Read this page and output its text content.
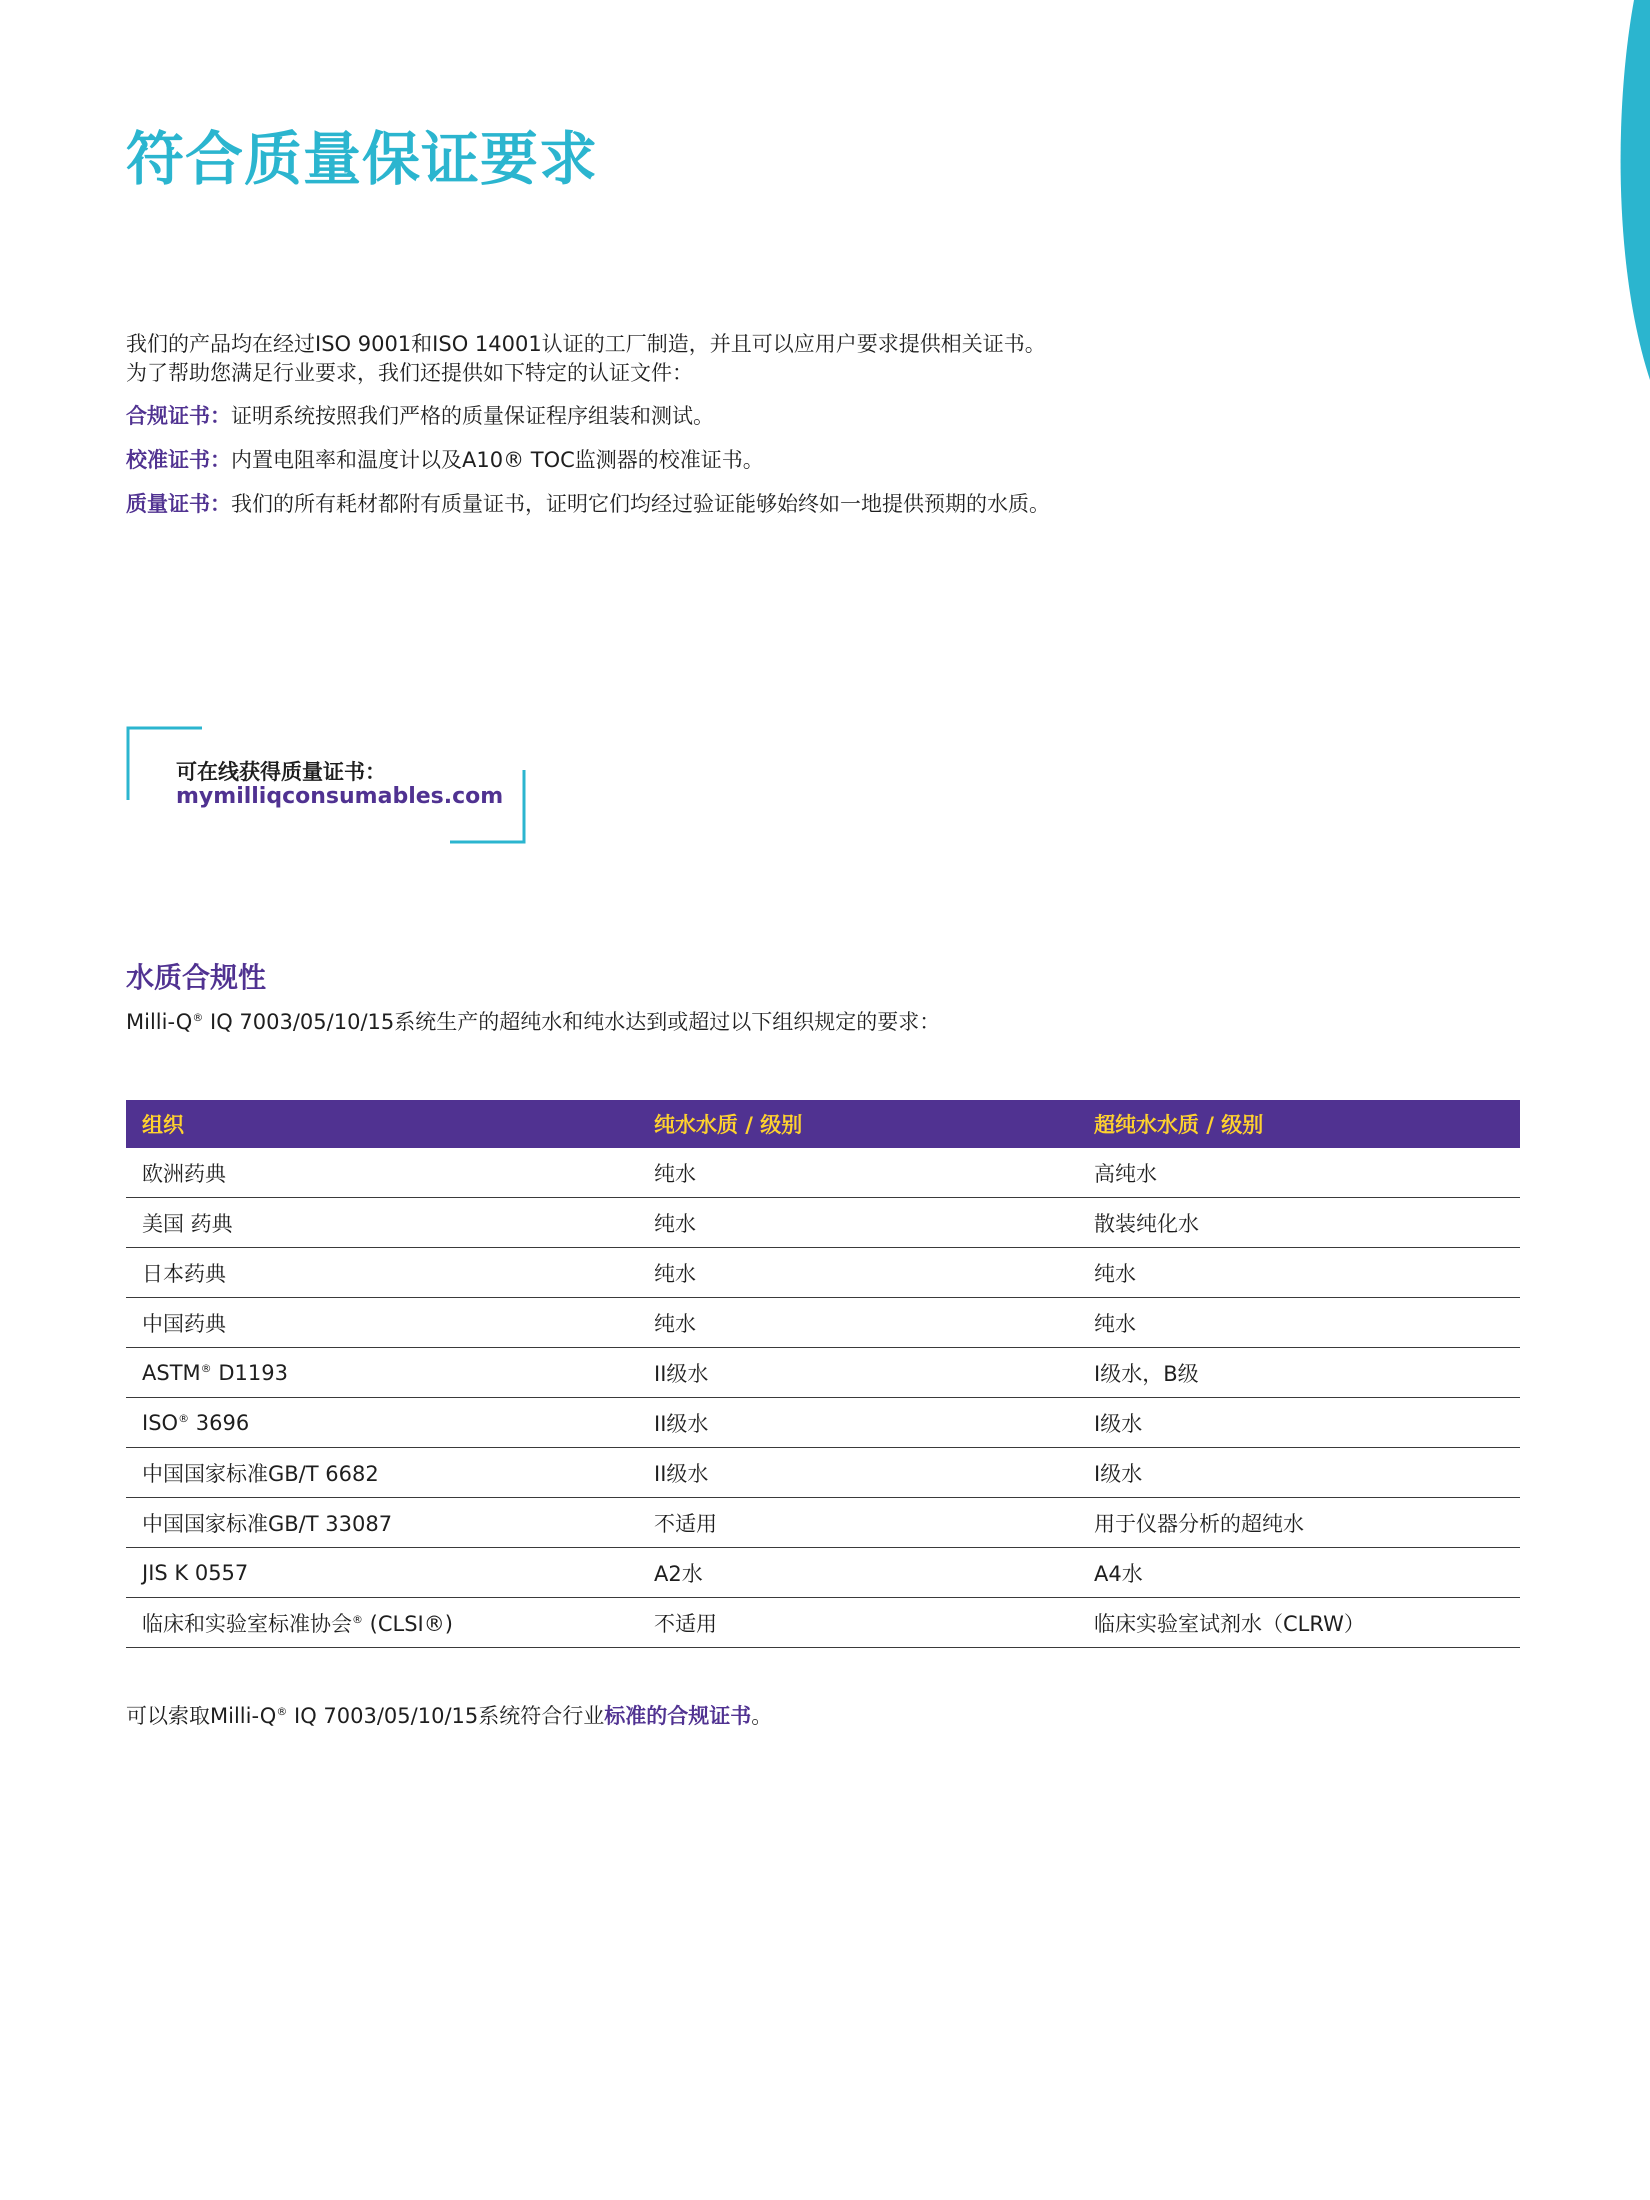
符合质量保证要求

我们的产品均在经过ISO 9001和ISO 14001认证的工厂制造，并且可以应用户要求提供相关证书。

为了帮助您满足行业要求，我们还提供如下特定的认证文件：

合规证书：证明系统按照我们严格的质量保证程序组装和测试。
校准证书：内置电阻率和温度计以及A10® TOC监测器的校准证书。
质量证书：我们的所有耗材都附有质量证书，证明它们均经过验证能够始终如一地提供预期的水质。
可在线获得质量证书：
mymilliqconsumables.com
水质合规性
Milli-Q® IQ 7003/05/10/15系统生产的超纯水和纯水达到或超过以下组织规定的要求：
组织	纯水水质 / 级别	超纯水水质 / 级别
欧洲药典	纯水	高纯水
美国 药典	纯水	散装纯化水
日本药典	纯水	纯水
中国药典	纯水	纯水
ASTM® D1193	II级水	I级水，B级
ISO® 3696	II级水	I级水
中国国家标准GB/T 6682	II级水	I级水
中国国家标准GB/T 33087	不适用	用于仪器分析的超纯水
JIS K 0557	A2水	A4水
临床和实验室标准协会® (CLSI®)	不适用	临床实验室试剂水（CLRW）
可以索取Milli-Q® IQ 7003/05/10/15系统符合行业标准的合规证书。
